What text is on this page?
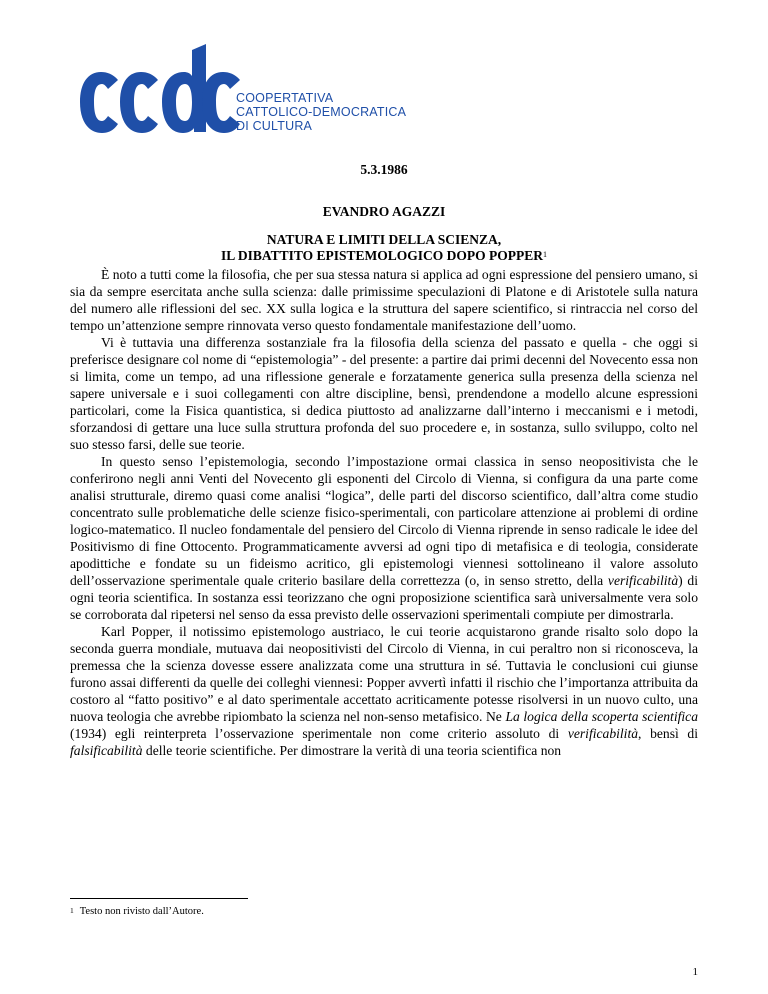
COOPERTATIVA
CATTOLICO-DEMOCRATICA
DI CULTURA
5.3.1986
EVANDRO AGAZZI
NATURA E LIMITI DELLA SCIENZA,
IL DIBATTITO EPISTEMOLOGICO DOPO POPPER$^1$

È noto a tutti come la filosofia, che per sua stessa natura si applica ad ogni espressione del pensiero umano, si sia da sempre esercitata anche sulla scienza: dalle primissime speculazioni di Platone e di Aristotele sulla natura del numero alle riflessioni del sec. XX sulla logica e la struttura del sapere scientifico, si rintraccia nel corso del tempo un’attenzione sempre rinnovata verso questo fondamentale manifestazione dell’uomo.

Vi è tuttavia una differenza sostanziale fra la filosofia della scienza del passato e quella - che oggi si preferisce designare col nome di “epistemologia” - del presente: a partire dai primi decenni del Novecento essa non si limita, come un tempo, ad una riflessione generale e forzatamente generica sulla presenza della scienza nel sapere universale e i suoi collegamenti con altre discipline, bensì, prendendone a modello alcune espressioni particolari, come la Fisica quantistica, si dedica piuttosto ad analizzarne dall’interno i meccanismi e i metodi, sforzandosi di gettare una luce sulla struttura profonda del suo procedere e, in sostanza, sullo sviluppo, colto nel suo stesso farsi, delle sue teorie.

In questo senso l’epistemologia, secondo l’impostazione ormai classica in senso neopositivista che le conferirono negli anni Venti del Novecento gli esponenti del Circolo di Vienna, si configura da una parte come analisi strutturale, diremo quasi come analisi “logica”, delle parti del discorso scientifico, dall’altra come studio concentrato sulle problematiche delle scienze fisico-sperimentali, con particolare attenzione ai problemi di ordine logico-matematico. Il nucleo fondamentale del pensiero del Circolo di Vienna riprende in senso radicale le idee del Positivismo di fine Ottocento. Programmaticamente avversi ad ogni tipo di metafisica e di teologia, considerate apodittiche e fondate su un fideismo acritico, gli epistemologi viennesi sottolineano il valore assoluto dell’osservazione sperimentale quale criterio basilare della correttezza (o, in senso stretto, della verificabilità) di ogni teoria scientifica. In sostanza essi teorizzano che ogni proposizione scientifica sarà universalmente vera solo se corroborata dal ripetersi nel senso da essa previsto delle osservazioni sperimentali compiute per dimostrarla.

Karl Popper, il notissimo epistemologo austriaco, le cui teorie acquistarono grande risalto solo dopo la seconda guerra mondiale, mutuava dai neopositivisti del Circolo di Vienna, in cui peraltro non si riconosceva, la premessa che la scienza dovesse essere analizzata come una struttura in sé. Tuttavia le conclusioni cui giunse furono assai differenti da quelle dei colleghi viennesi: Popper avvertì infatti il rischio che l’importanza attribuita da costoro al “fatto positivo” e al dato sperimentale accettato acriticamente potesse risolversi in un nuovo culto, una nuova teologia che avrebbe ripiombato la scienza nel non-senso metafisico. Ne La logica della scoperta scientifica (1934) egli reinterpreta l’osservazione sperimentale non come criterio assoluto di verificabilità, bensì di falsificabilità delle teorie scientifiche. Per dimostrare la verità di una teoria scientifica non

$^1$ Testo non rivisto dall’Autore.
1
